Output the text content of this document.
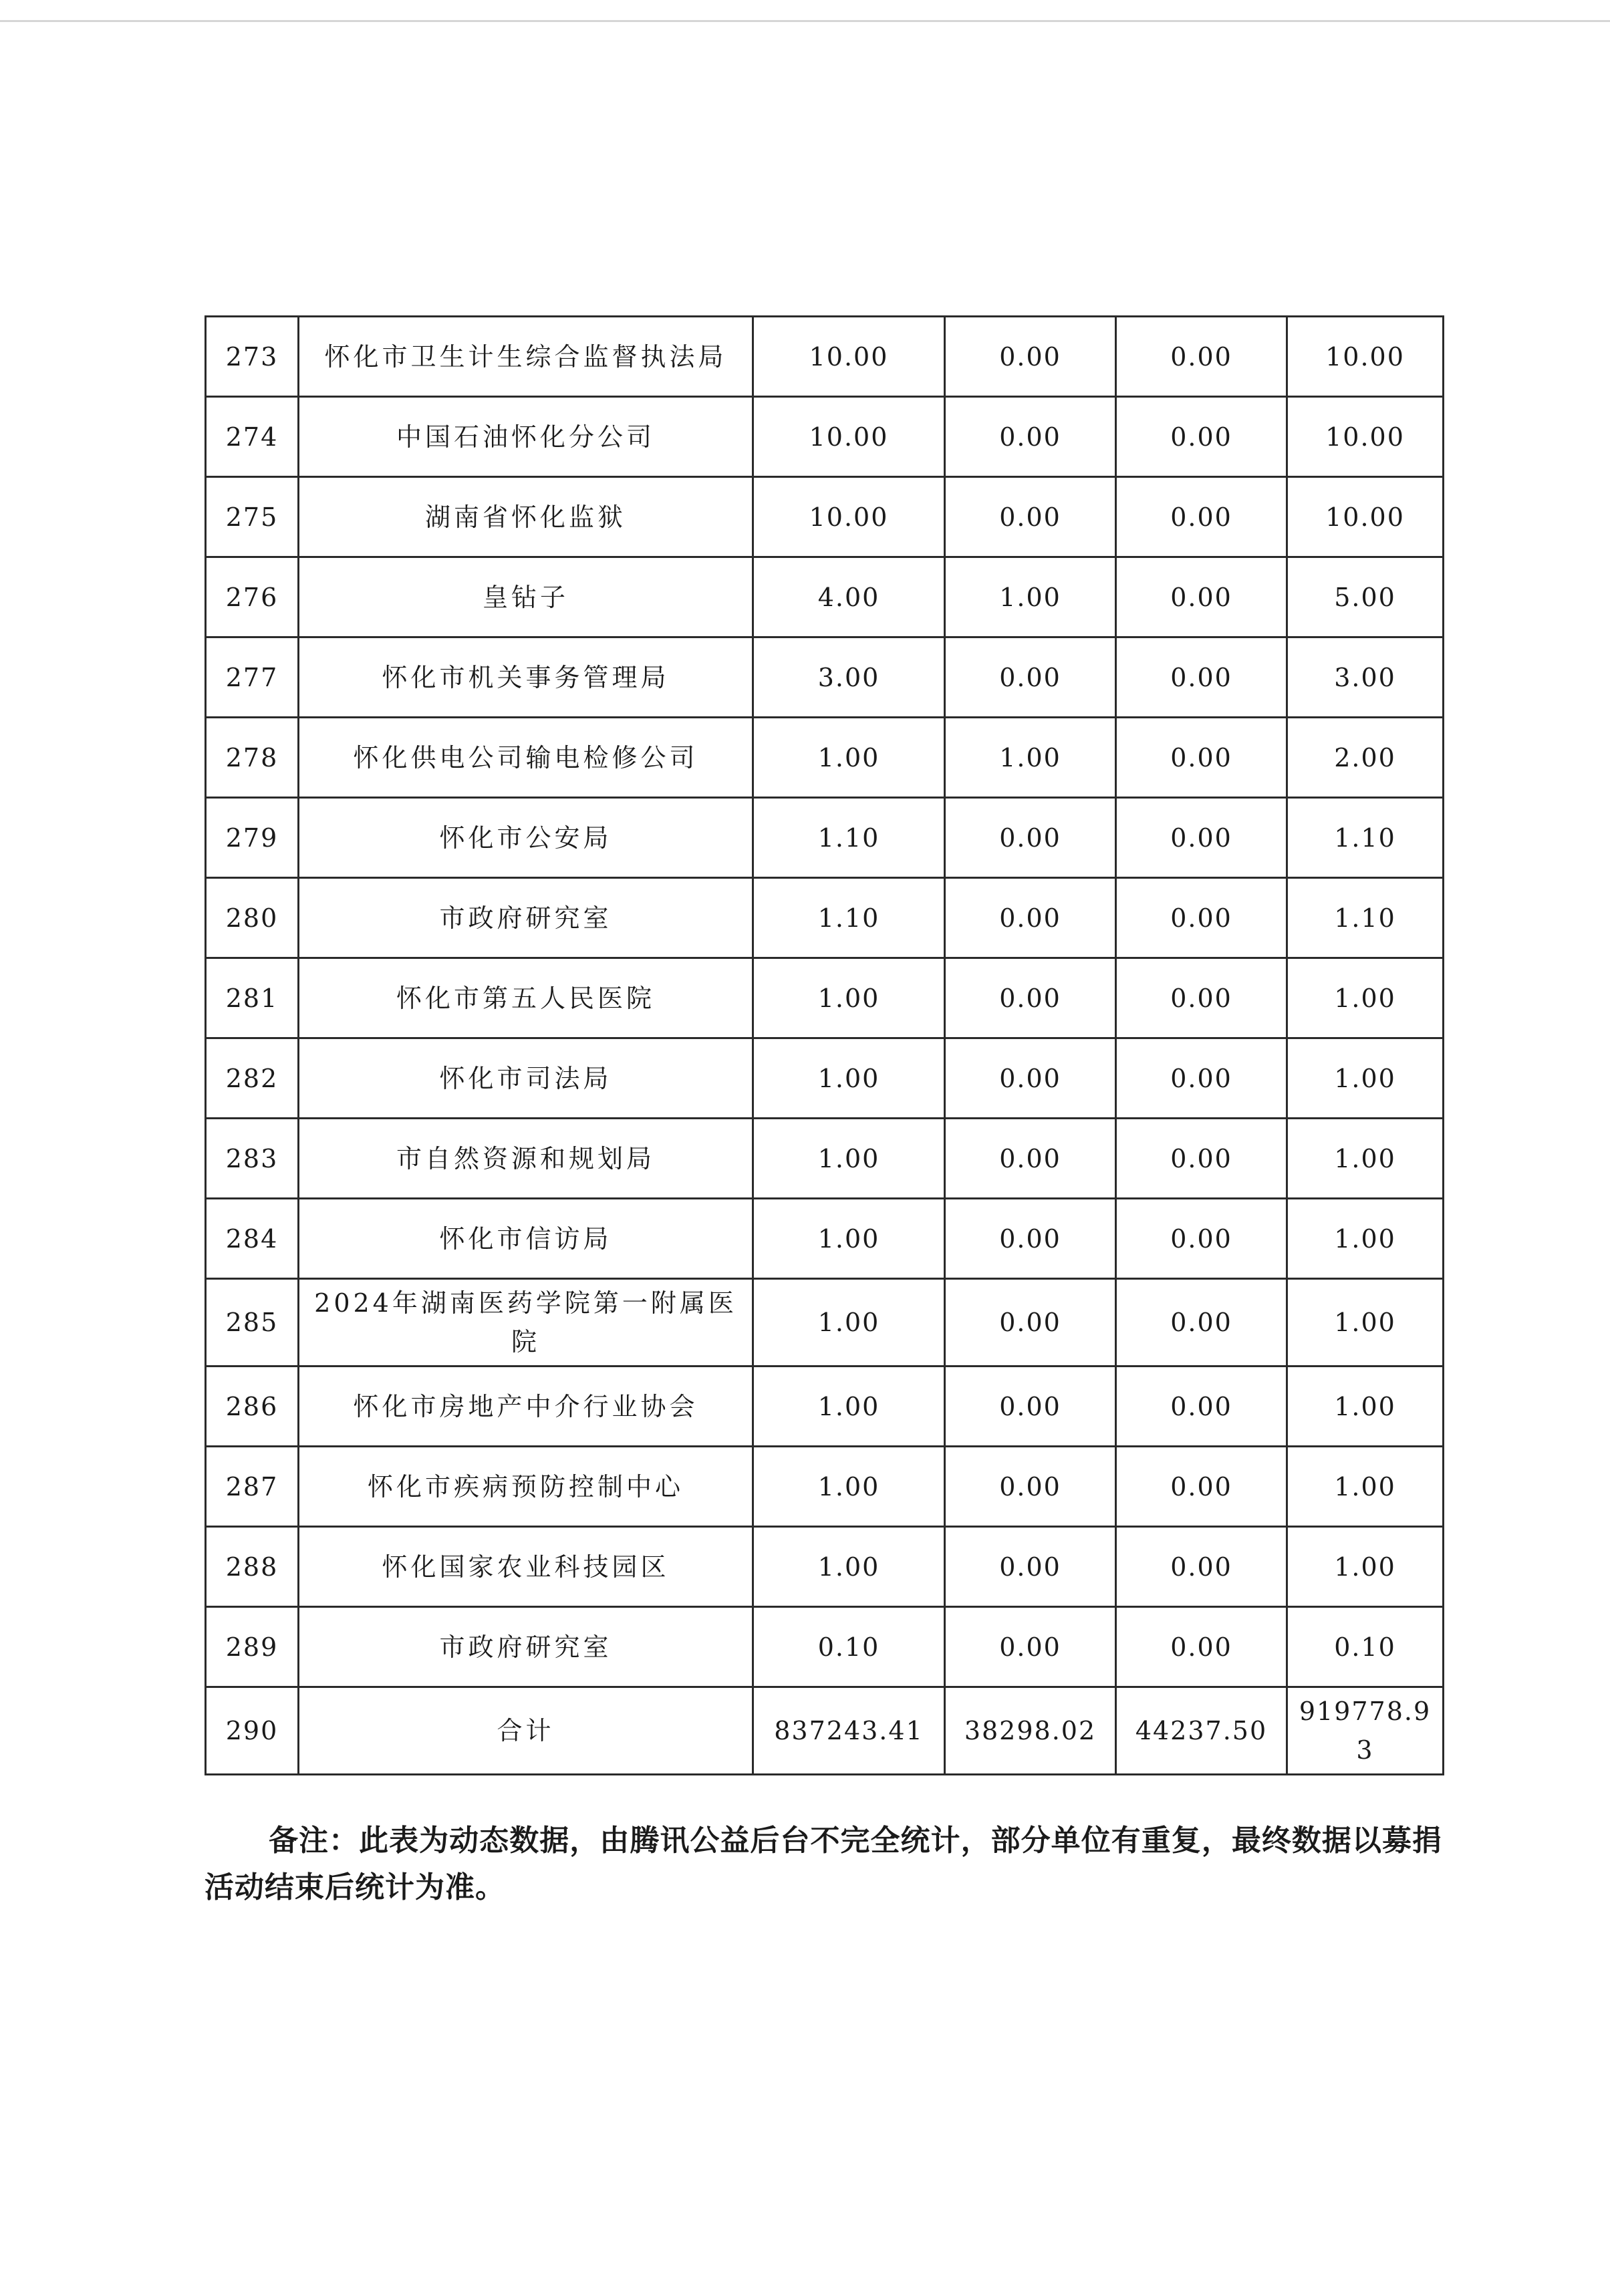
273	怀化市卫生计生综合监督执法局	10.00	0.00	0.00	10.00
274	中国石油怀化分公司	10.00	0.00	0.00	10.00
275	湖南省怀化监狱	10.00	0.00	0.00	10.00
276	皇钻子	4.00	1.00	0.00	5.00
277	怀化市机关事务管理局	3.00	0.00	0.00	3.00
278	怀化供电公司输电检修公司	1.00	1.00	0.00	2.00
279	怀化市公安局	1.10	0.00	0.00	1.10
280	市政府研究室	1.10	0.00	0.00	1.10
281	怀化市第五人民医院	1.00	0.00	0.00	1.00
282	怀化市司法局	1.00	0.00	0.00	1.00
283	市自然资源和规划局	1.00	0.00	0.00	1.00
284	怀化市信访局	1.00	0.00	0.00	1.00
285	2024年湖南医药学院第一附属医院	1.00	0.00	0.00	1.00
286	怀化市房地产中介行业协会	1.00	0.00	0.00	1.00
287	怀化市疾病预防控制中心	1.00	0.00	0.00	1.00
288	怀化国家农业科技园区	1.00	0.00	0.00	1.00
289	市政府研究室	0.10	0.00	0.00	0.10
290	合计	837243.41	38298.02	44237.50	919778.93
备注：此表为动态数据，由腾讯公益后台不完全统计，部分单位有重复，最终数据以募捐活动结束后统计为准。
